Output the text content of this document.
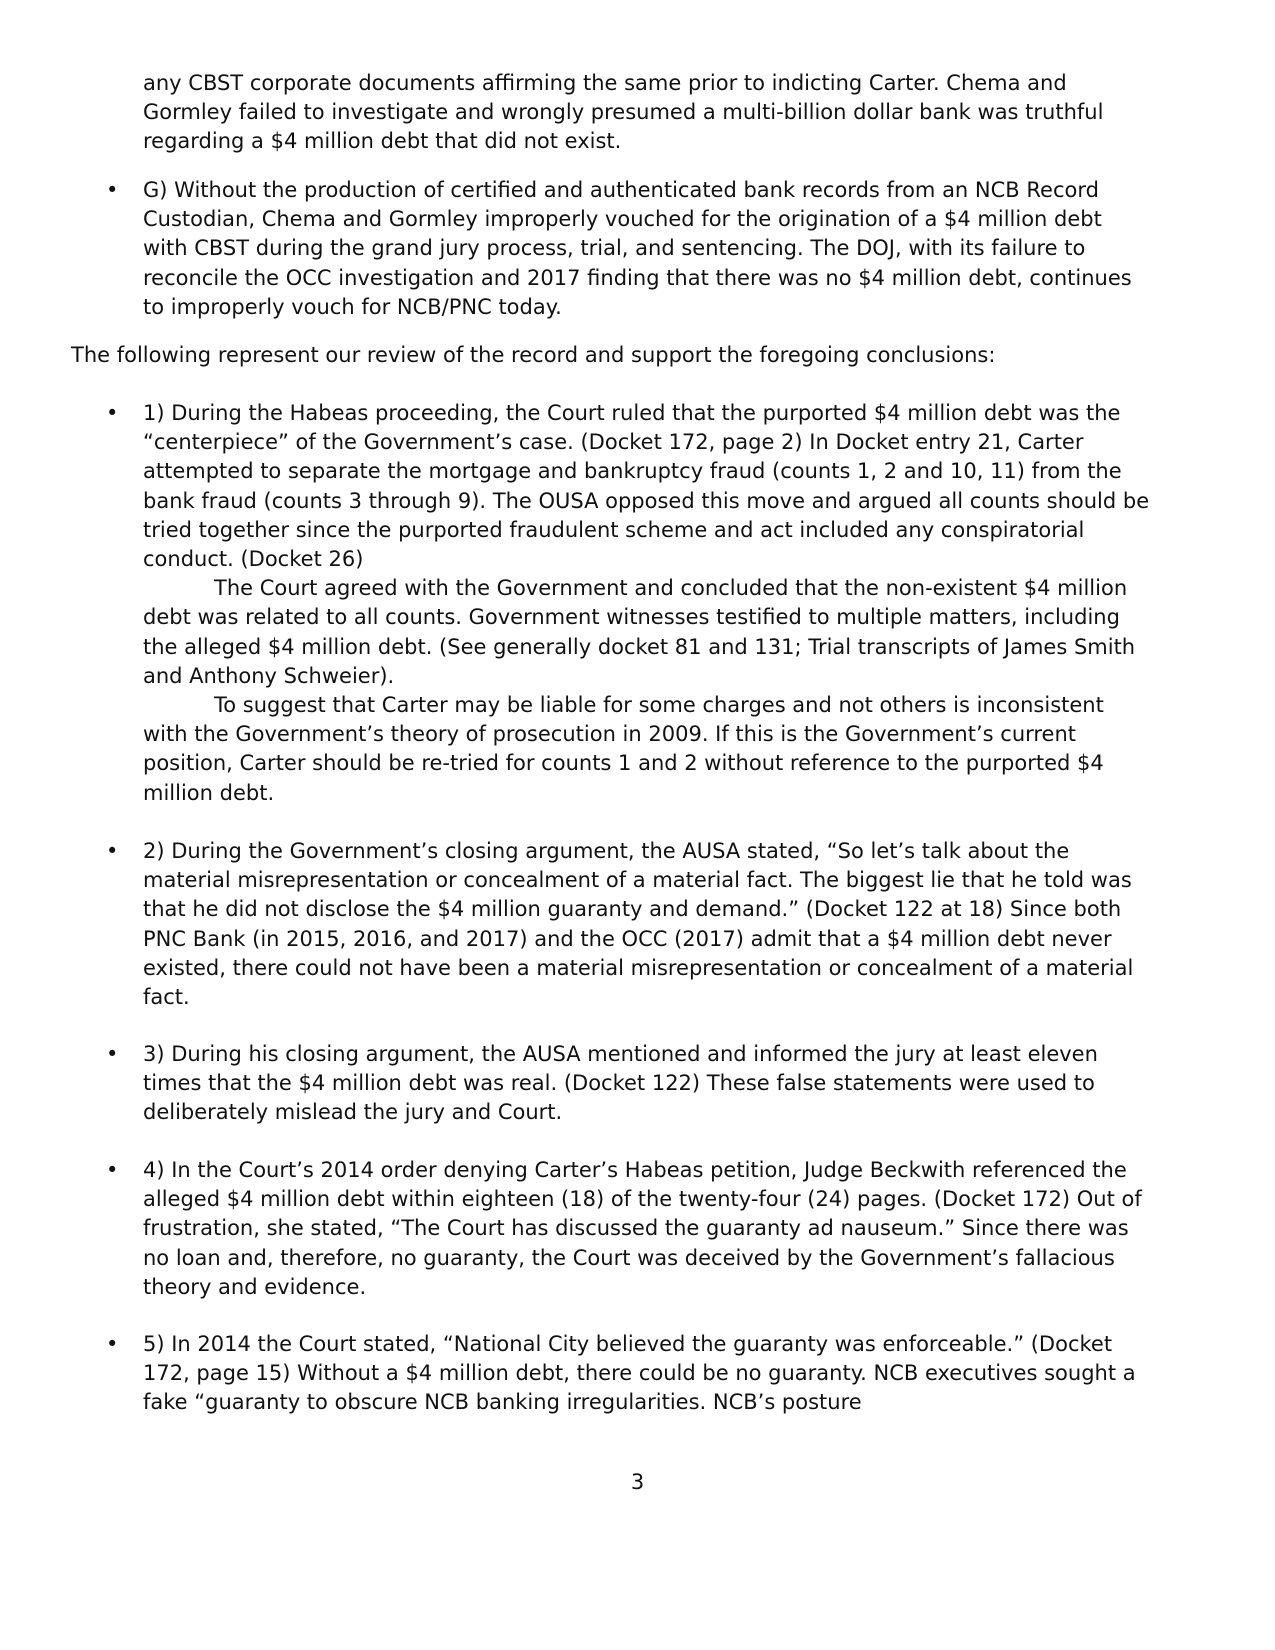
any CBST corporate documents affirming the same prior to indicting Carter. Chema and Gormley failed to investigate and wrongly presumed a multi-billion dollar bank was truthful regarding a $4 million debt that did not exist.

•	G) Without the production of certified and authenticated bank records from an NCB Record Custodian, Chema and Gormley improperly vouched for the origination of a $4 million debt with CBST during the grand jury process, trial, and sentencing. The DOJ, with its failure to reconcile the OCC investigation and 2017 finding that there was no $4 million debt, continues to improperly vouch for NCB/PNC today.

The following represent our review of the record and support the foregoing conclusions:

•	1) During the Habeas proceeding, the Court ruled that the purported $4 million debt was the “centerpiece” of the Government’s case. (Docket 172, page 2) In Docket entry 21, Carter attempted to separate the mortgage and bankruptcy fraud (counts 1, 2 and 10, 11) from the bank fraud (counts 3 through 9). The OUSA opposed this move and argued all counts should be tried together since the purported fraudulent scheme and act included any conspiratorial conduct. (Docket 26)
The Court agreed with the Government and concluded that the non-existent $4 million debt was related to all counts. Government witnesses testified to multiple matters, including the alleged $4 million debt. (See generally docket 81 and 131; Trial transcripts of James Smith and Anthony Schweier).
To suggest that Carter may be liable for some charges and not others is inconsistent with the Government’s theory of prosecution in 2009. If this is the Government’s current position, Carter should be re-tried for counts 1 and 2 without reference to the purported $4 million debt.
•	2) During the Government’s closing argument, the AUSA stated, “So let’s talk about the material misrepresentation or concealment of a material fact. The biggest lie that he told was that he did not disclose the $4 million guaranty and demand.” (Docket 122 at 18) Since both PNC Bank (in 2015, 2016, and 2017) and the OCC (2017) admit that a $4 million debt never existed, there could not have been a material misrepresentation or concealment of a material fact.

•	3) During his closing argument, the AUSA mentioned and informed the jury at least eleven times that the $4 million debt was real. (Docket 122) These false statements were used to deliberately mislead the jury and Court.

•	4) In the Court’s 2014 order denying Carter’s Habeas petition, Judge Beckwith referenced the alleged $4 million debt within eighteen (18) of the twenty-four (24) pages. (Docket 172) Out of frustration, she stated, “The Court has discussed the guaranty ad nauseum.” Since there was no loan and, therefore, no guaranty, the Court was deceived by the Government’s fallacious theory and evidence.

•	5) In 2014 the Court stated, “National City believed the guaranty was enforceable.” (Docket 172, page 15) Without a $4 million debt, there could be no guaranty. NCB executives sought a fake “guaranty to obscure NCB banking irregularities. NCB’s posture

3
